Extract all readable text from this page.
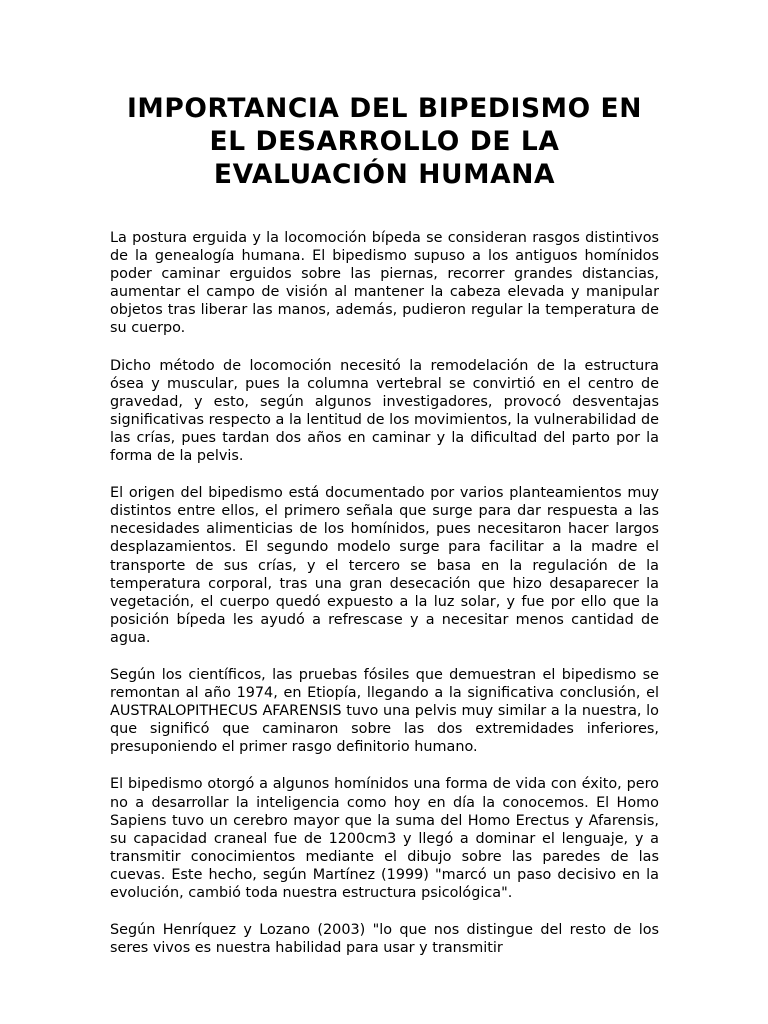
IMPORTANCIA DEL BIPEDISMO EN
EL DESARROLLO DE LA
EVALUACIÓN HUMANA

La postura erguida y la locomoción bípeda se consideran rasgos distintivos de la genealogía humana. El bipedismo supuso a los antiguos homínidos poder caminar erguidos sobre las piernas, recorrer grandes distancias, aumentar el campo de visión al mantener la cabeza elevada y manipular objetos tras liberar las manos, además, pudieron regular la temperatura de su cuerpo.

Dicho método de locomoción necesitó la remodelación de la estructura ósea y muscular, pues la columna vertebral se convirtió en el centro de gravedad, y esto, según algunos investigadores, provocó desventajas significativas respecto a la lentitud de los movimientos, la vulnerabilidad de las crías, pues tardan dos años en caminar y la dificultad del parto por la forma de la pelvis.

El origen del bipedismo está documentado por varios planteamientos muy distintos entre ellos, el primero señala que surge para dar respuesta a las necesidades alimenticias de los homínidos, pues necesitaron hacer largos desplazamientos. El segundo modelo surge para facilitar a la madre el transporte de sus crías, y el tercero se basa en la regulación de la temperatura corporal, tras una gran desecación que hizo desaparecer la vegetación, el cuerpo quedó expuesto a la luz solar, y fue por ello que la posición bípeda les ayudó a refrescase y a necesitar menos cantidad de agua.

Según los científicos, las pruebas fósiles que demuestran el bipedismo se remontan al año 1974, en Etiopía, llegando a la significativa conclusión, el AUSTRALOPITHECUS AFARENSIS tuvo una pelvis muy similar a la nuestra, lo que significó que caminaron sobre las dos extremidades inferiores, presuponiendo el primer rasgo definitorio humano.

El bipedismo otorgó a algunos homínidos una forma de vida con éxito, pero no a desarrollar la inteligencia como hoy en día la conocemos. El Homo Sapiens tuvo un cerebro mayor que la suma del Homo Erectus y Afarensis, su capacidad craneal fue de 1200cm3 y llegó a dominar el lenguaje, y a transmitir conocimientos mediante el dibujo sobre las paredes de las cuevas. Este hecho, según Martínez (1999) "marcó un paso decisivo en la evolución, cambió toda nuestra estructura psicológica".

Según Henríquez y Lozano (2003) "lo que nos distingue del resto de los seres vivos es nuestra habilidad para usar y transmitir
